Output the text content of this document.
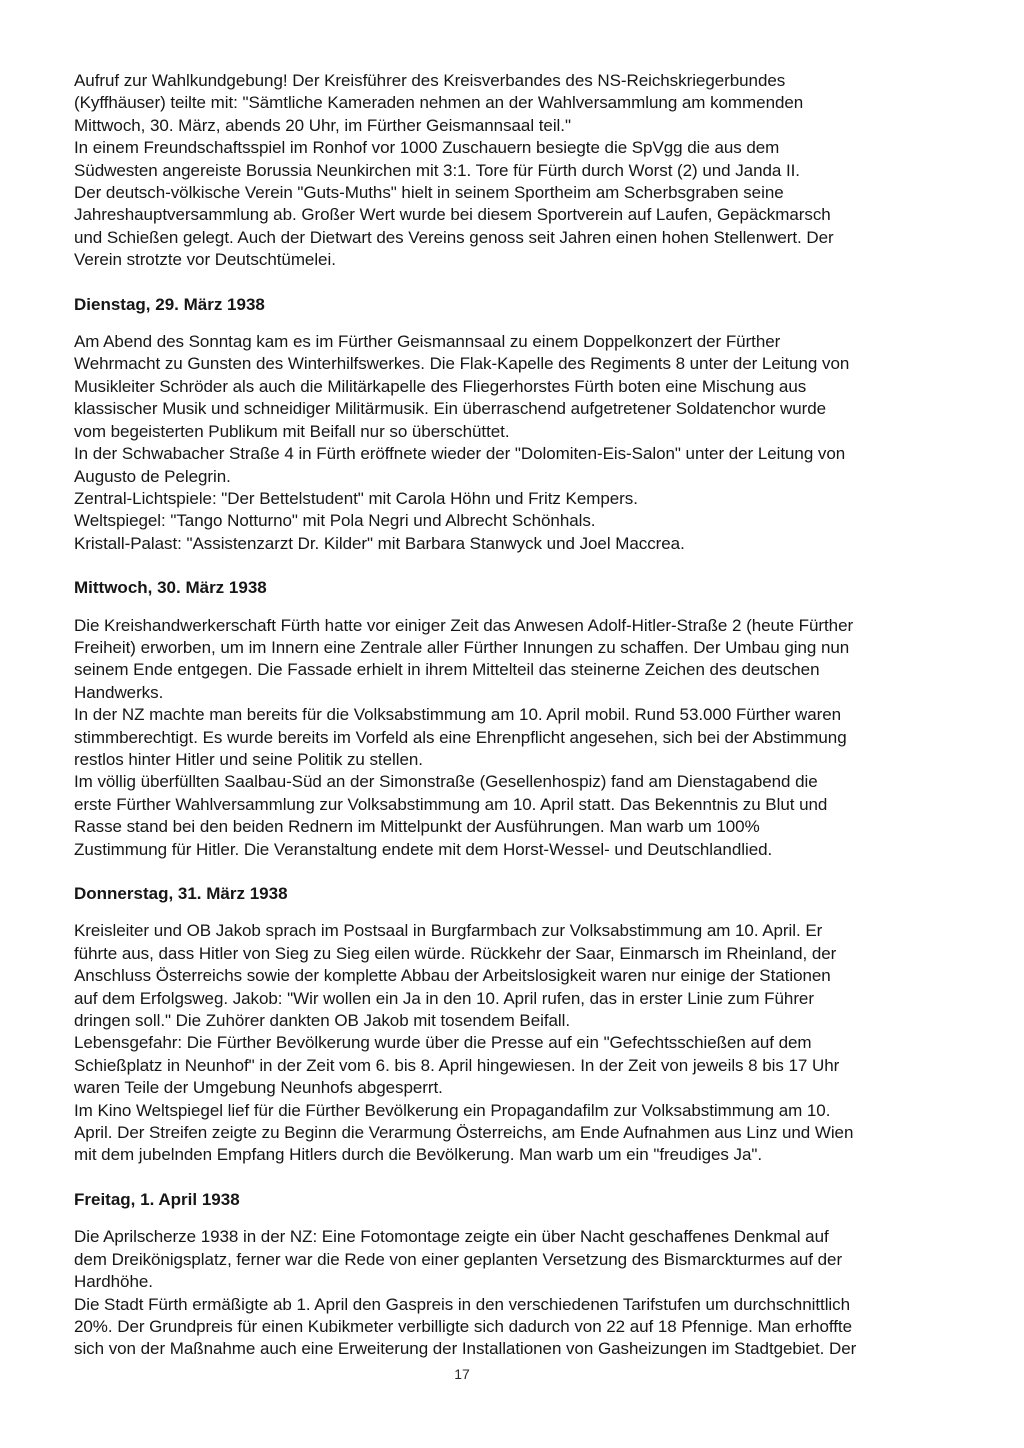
Aufruf zur Wahlkundgebung! Der Kreisführer des Kreisverbandes des NS-Reichskriegerbundes
(Kyffhäuser) teilte mit: "Sämtliche Kameraden nehmen an der Wahlversammlung am kommenden
Mittwoch, 30. März, abends 20 Uhr, im Fürther Geismannsaal teil."
In einem Freundschaftsspiel im Ronhof vor 1000 Zuschauern besiegte die SpVgg die aus dem
Südwesten angereiste Borussia Neunkirchen mit 3:1. Tore für Fürth durch Worst (2) und Janda II.
Der deutsch-völkische Verein "Guts-Muths" hielt in seinem Sportheim am Scherbsgraben seine
Jahreshauptversammlung ab. Großer Wert wurde bei diesem Sportverein auf Laufen, Gepäckmarsch
und Schießen gelegt. Auch der Dietwart des Vereins genoss seit Jahren einen hohen Stellenwert. Der
Verein strotzte vor Deutschtümelei.
Dienstag, 29. März 1938
Am Abend des Sonntag kam es im Fürther Geismannsaal zu einem Doppelkonzert der Fürther
Wehrmacht zu Gunsten des Winterhilfswerkes. Die Flak-Kapelle des Regiments 8 unter der Leitung von
Musikleiter Schröder als auch die Militärkapelle des Fliegerhorstes Fürth boten eine Mischung aus
klassischer Musik und schneidiger Militärmusik. Ein überraschend aufgetretener Soldatenchor wurde
vom begeisterten Publikum mit Beifall nur so überschüttet.
In der Schwabacher Straße 4 in Fürth eröffnete wieder der "Dolomiten-Eis-Salon" unter der Leitung von
Augusto de Pelegrin.
Zentral-Lichtspiele: "Der Bettelstudent" mit Carola Höhn und Fritz Kempers.
Weltspiegel: "Tango Notturno" mit Pola Negri und Albrecht Schönhals.
Kristall-Palast: "Assistenzarzt Dr. Kilder" mit Barbara Stanwyck und Joel Maccrea.
Mittwoch, 30. März 1938
Die Kreishandwerkerschaft Fürth hatte vor einiger Zeit das Anwesen Adolf-Hitler-Straße 2 (heute Fürther
Freiheit) erworben, um im Innern eine Zentrale aller Fürther Innungen zu schaffen. Der Umbau ging nun
seinem Ende entgegen. Die Fassade erhielt in ihrem Mittelteil das steinerne Zeichen des deutschen
Handwerks.
In der NZ machte man bereits für die Volksabstimmung am 10. April mobil. Rund 53.000 Fürther waren
stimmberechtigt. Es wurde bereits im Vorfeld als eine Ehrenpflicht angesehen, sich bei der Abstimmung
restlos hinter Hitler und seine Politik zu stellen.
Im völlig überfüllten Saalbau-Süd an der Simonstraße (Gesellenhospiz) fand am Dienstagabend die
erste Fürther Wahlversammlung zur Volksabstimmung am 10. April statt. Das Bekenntnis zu Blut und
Rasse stand bei den beiden Rednern im Mittelpunkt der Ausführungen. Man warb um 100%
Zustimmung für Hitler. Die Veranstaltung endete mit dem Horst-Wessel- und Deutschlandlied.
Donnerstag, 31. März 1938
Kreisleiter und OB Jakob sprach im Postsaal in Burgfarmbach zur Volksabstimmung am 10. April. Er
führte aus, dass Hitler von Sieg zu Sieg eilen würde. Rückkehr der Saar, Einmarsch im Rheinland, der
Anschluss Österreichs sowie der komplette Abbau der Arbeitslosigkeit waren nur einige der Stationen
auf dem Erfolgsweg. Jakob: "Wir wollen ein Ja in den 10. April rufen, das in erster Linie zum Führer
dringen soll." Die Zuhörer dankten OB Jakob mit tosendem Beifall.
Lebensgefahr: Die Fürther Bevölkerung wurde über die Presse auf ein "Gefechtsschießen auf dem
Schießplatz in Neunhof" in der Zeit vom 6. bis 8. April hingewiesen. In der Zeit von jeweils 8 bis 17 Uhr
waren Teile der Umgebung Neunhofs abgesperrt.
Im Kino Weltspiegel lief für die Fürther Bevölkerung ein Propagandafilm zur Volksabstimmung am 10.
April. Der Streifen zeigte zu Beginn die Verarmung Österreichs, am Ende Aufnahmen aus Linz und Wien
mit dem jubelnden Empfang Hitlers durch die Bevölkerung. Man warb um ein "freudiges Ja".
Freitag, 1. April 1938
Die Aprilscherze 1938 in der NZ: Eine Fotomontage zeigte ein über Nacht geschaffenes Denkmal auf
dem Dreikönigsplatz, ferner war die Rede von einer geplanten Versetzung des Bismarckturmes auf der
Hardhöhe.
Die Stadt Fürth ermäßigte ab 1. April den Gaspreis in den verschiedenen Tarifstufen um durchschnittlich
20%. Der Grundpreis für einen Kubikmeter verbilligte sich dadurch von 22 auf 18 Pfennige. Man erhoffte
sich von der Maßnahme auch eine Erweiterung der Installationen von Gasheizungen im Stadtgebiet. Der
17
